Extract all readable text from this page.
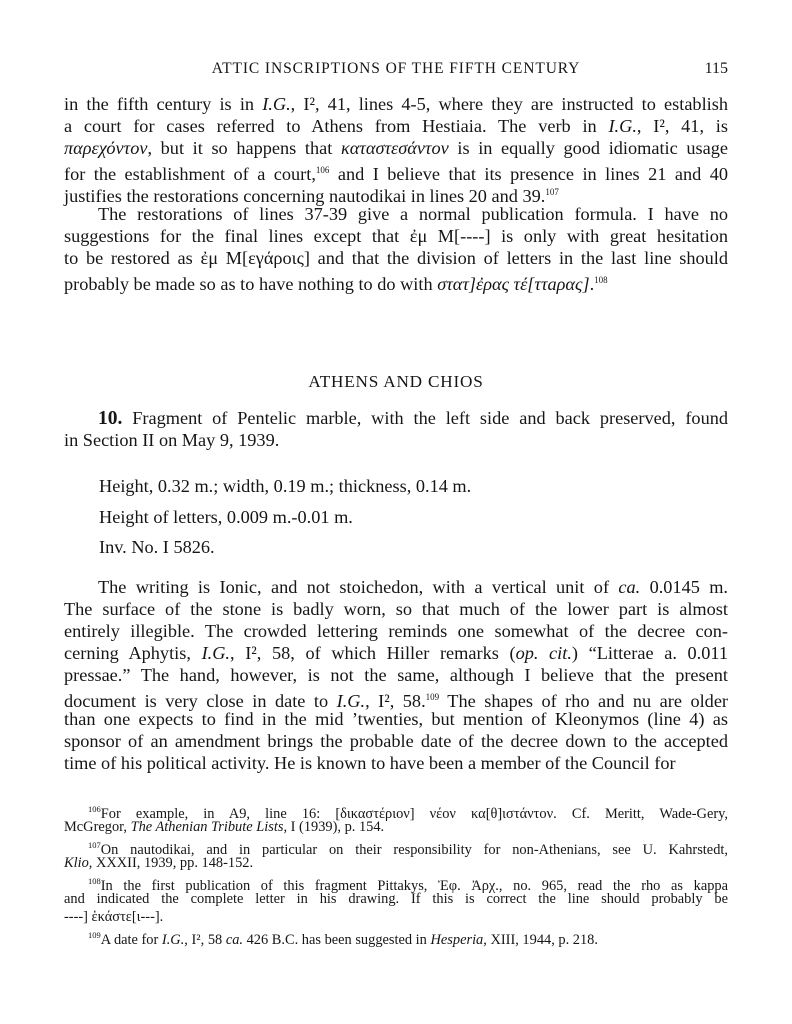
ATTIC INSCRIPTIONS OF THE FIFTH CENTURY	115
in the fifth century is in I.G., I², 41, lines 4-5, where they are instructed to establish
a court for cases referred to Athens from Hestiaia. The verb in I.G., I², 41, is
παρεχόντον, but it so happens that καταστεσάντον is in equally good idiomatic usage
for the establishment of a court,$^{106}$ and I believe that its presence in lines 21 and 40
justifies the restorations concerning nautodikai in lines 20 and 39.$^{107}$
The restorations of lines 37-39 give a normal publication formula. I have no
suggestions for the final lines except that ἐμ Μ[----] is only with great hesitation
to be restored as ἐμ Μ[εγάροις] and that the division of letters in the last line should
probably be made so as to have nothing to do with στατ]ἐρας τέ[ττaρας].$^{108}$
ATHENS AND CHIOS
10. Fragment of Pentelic marble, with the left side and back preserved, found
in Section II on May 9, 1939.
Height, 0.32 m.; width, 0.19 m.; thickness, 0.14 m.
Height of letters, 0.009 m.-0.01 m.
Inv. No. I 5826.
The writing is Ionic, and not stoichedon, with a vertical unit of ca. 0.0145 m.
The surface of the stone is badly worn, so that much of the lower part is almost
entirely illegible. The crowded lettering reminds one somewhat of the decree con-
cerning Aphytis, I.G., I², 58, of which Hiller remarks (op. cit.) “Litterae a. 0.011
pressae.” The hand, however, is not the same, although I believe that the present
document is very close in date to I.G., I², 58.$^{109}$ The shapes of rho and nu are older
than one expects to find in the mid ’twenties, but mention of Kleonymos (line 4) as
sponsor of an amendment brings the probable date of the decree down to the accepted
time of his political activity. He is known to have been a member of the Council for
$^{106}$For example, in A9, line 16: [δικαστέριον] νέον κα[θ]ιστάντον. Cf. Meritt, Wade-Gery,
McGregor, The Athenian Tribute Lists, I (1939), p. 154.
$^{107}$On nautodikai, and in particular on their responsibility for non-Athenians, see U. Kahrstedt,
Klio, XXXII, 1939, pp. 148-152.
$^{108}$In the first publication of this fragment Pittakys, Ἐφ. Ἀρχ., no. 965, read the rho as kappa
and indicated the complete letter in his drawing. If this is correct the line should probably be
----] ἑκάστε[ι---].
$^{109}$A date for I.G., I², 58 ca. 426 B.C. has been suggested in Hesperia, XIII, 1944, p. 218.
